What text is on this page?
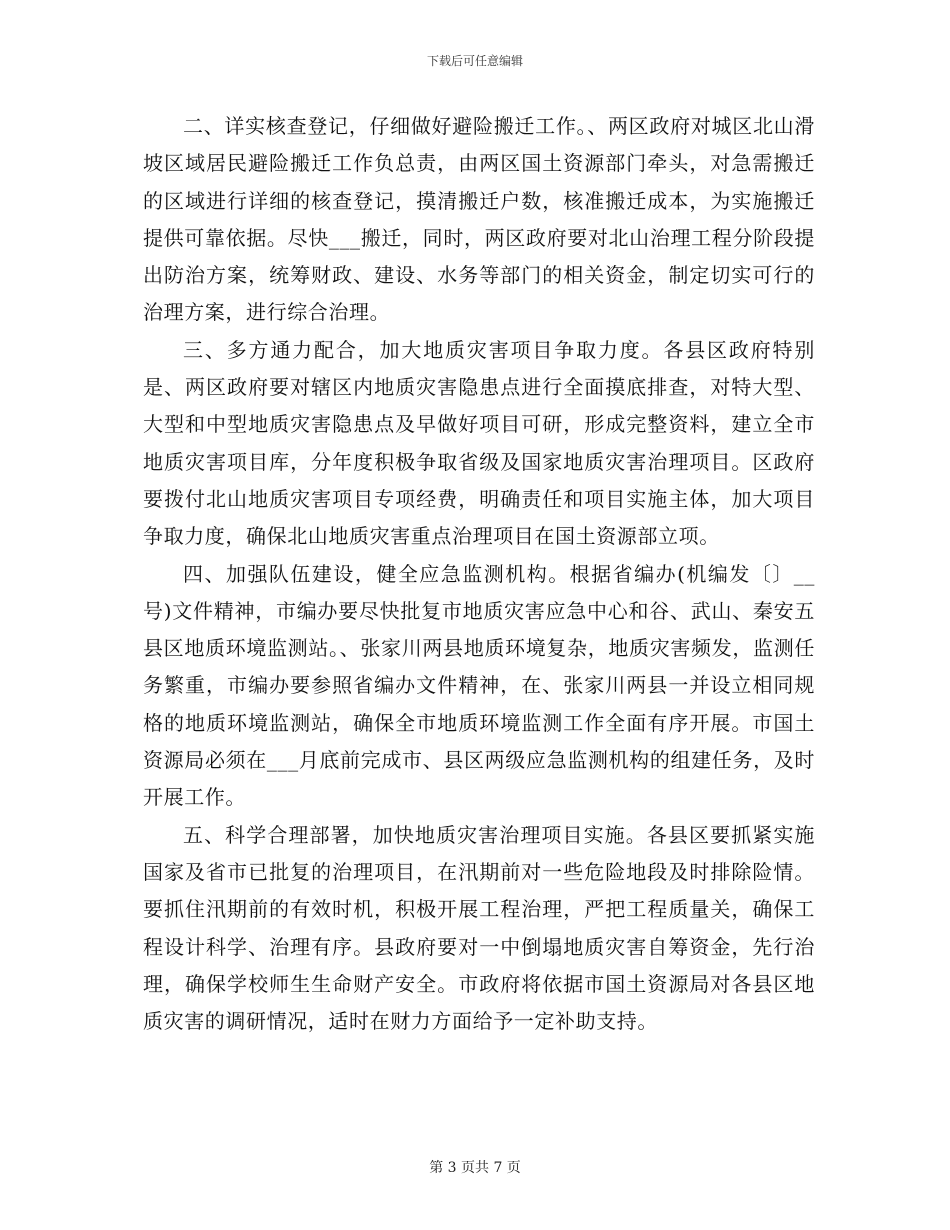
下载后可任意编辑

二、详实核查登记，仔细做好避险搬迁工作。、两区政府对城区北山滑坡区域居民避险搬迁工作负总责，由两区国土资源部门牵头，对急需搬迁的区域进行详细的核查登记，摸清搬迁户数，核准搬迁成本，为实施搬迁提供可靠依据。尽快___搬迁，同时，两区政府要对北山治理工程分阶段提出防治方案，统筹财政、建设、水务等部门的相关资金，制定切实可行的治理方案，进行综合治理。

三、多方通力配合，加大地质灾害项目争取力度。各县区政府特别是、两区政府要对辖区内地质灾害隐患点进行全面摸底排查，对特大型、大型和中型地质灾害隐患点及早做好项目可研，形成完整资料，建立全市地质灾害项目库，分年度积极争取省级及国家地质灾害治理项目。区政府要拨付北山地质灾害项目专项经费，明确责任和项目实施主体，加大项目争取力度，确保北山地质灾害重点治理项目在国土资源部立项。

四、加强队伍建设，健全应急监测机构。根据省编办(机编发〔〕__号)文件精神，市编办要尽快批复市地质灾害应急中心和谷、武山、秦安五县区地质环境监测站。、张家川两县地质环境复杂，地质灾害频发，监测任务繁重，市编办要参照省编办文件精神，在、张家川两县一并设立相同规格的地质环境监测站，确保全市地质环境监测工作全面有序开展。市国土资源局必须在___月底前完成市、县区两级应急监测机构的组建任务，及时开展工作。

五、科学合理部署，加快地质灾害治理项目实施。各县区要抓紧实施国家及省市已批复的治理项目，在汛期前对一些危险地段及时排除险情。要抓住汛期前的有效时机，积极开展工程治理，严把工程质量关，确保工程设计科学、治理有序。县政府要对一中倒塌地质灾害自筹资金，先行治理，确保学校师生生命财产安全。市政府将依据市国土资源局对各县区地质灾害的调研情况，适时在财力方面给予一定补助支持。

第 3 页共 7 页
